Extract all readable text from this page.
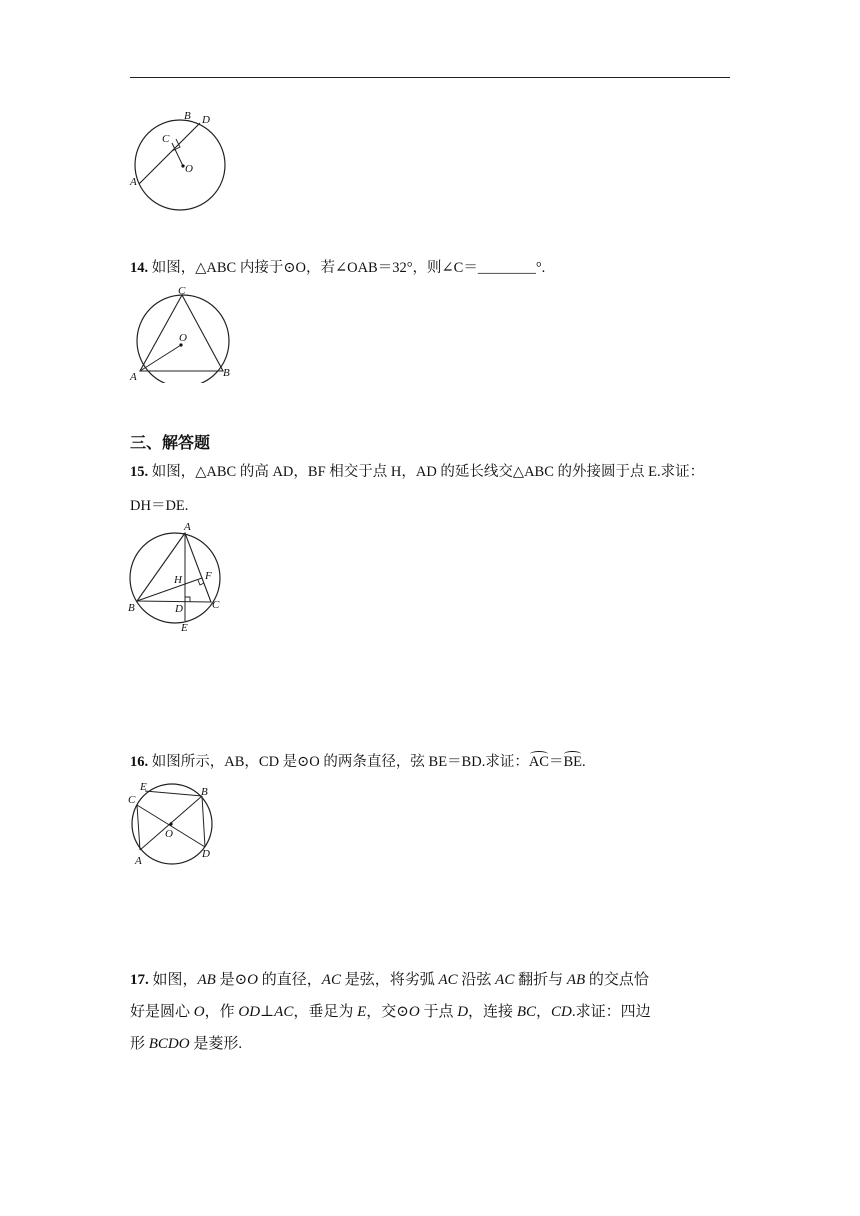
A
B
C
D
O
14. 如图，△ABC 内接于⊙O，若∠OAB＝32°，则∠C＝________°.
C
A	B
O
三、解答题
15. 如图，△ABC 的高 AD，BF 相交于点 H，AD 的延长线交△ABC 的外接圆于点 E.求证：
DH＝DE.
A
B	C
D
E
F
H
16. 如图所示，AB，CD 是⊙O 的两条直径，弦 BE＝BD.求证：AC＝BE.
A
B
C
D
E
O
17. 如图，AB 是⊙O 的直径，AC 是弦，将劣弧 AC 沿弦 AC 翻折与 AB 的交点恰
好是圆心 O，作 OD⊥AC，垂足为 E，交⊙O 于点 D，连接 BC，CD.求证：四边
形 BCDO 是菱形.
